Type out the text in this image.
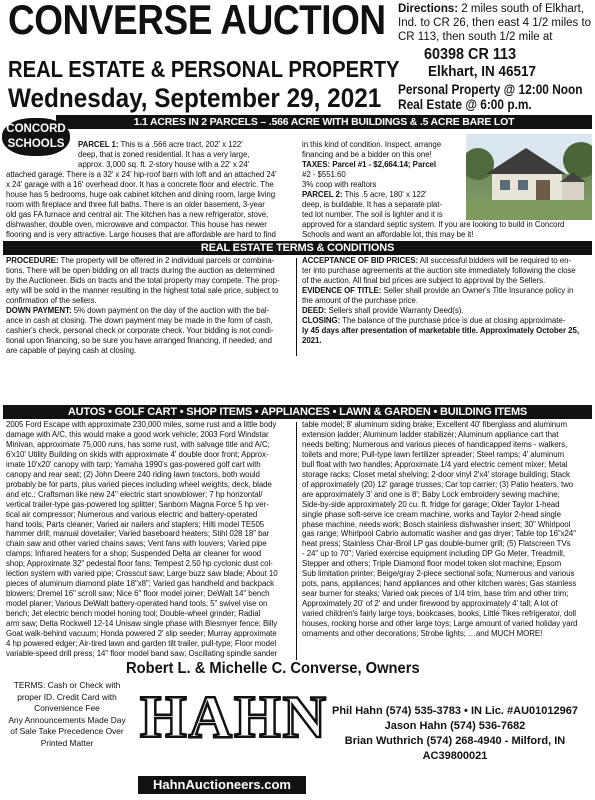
CONVERSE AUCTION
REAL ESTATE & PERSONAL PROPERTY
Wednesday, September 29, 2021
Directions: 2 miles south of Elkhart, Ind. to CR 26, then east 4 1/2 miles to CR 113, then south 1/2 mile at
60398 CR 113
Elkhart, IN 46517
Personal Property @ 12:00 Noon
Real Estate @ 6:00 p.m.
1.1 ACRES IN 2 PARCELS – .566 ACRE WITH BUILDINGS & .5 ACRE BARE LOT
CONCORD
SCHOOLS	PARCEL 1: This is a .566 acre tract, 202' x 122'
deep, that is zoned residential. It has a very large,
approx. 3,000 sq. ft. 2-story house with a 22' x 24'
attached garage. There is a 32' x 24' hip-roof barn with loft and an attached 24'
x 24' garage with a 16' overhead door. It has a concrete floor and electric. The
house has 5 bedrooms, huge oak cabinet kitchen and dining room, large living
room with fireplace and three full baths. There is an older basement, 3-year
old gas FA furnace and central air. The kitchen has a new refrigerator, stove,
dishwasher, double oven, microwave and compactor. This house has newer
flooring and is very attractive. Large houses that are affordable are hard to find
in this kind of condition. Inspect, arrange
financing and be a bidder on this one!
TAXES: Parcel #1 - $2,664.14; Parcel
#2 - $551.60
3% coop with realtors
PARCEL 2: This .5 acre, 180' x 122'
deep, is buildable. It has a separate plat-
ted lot number. The soil is lighter and it is
approved for a standard septic system. If you are looking to build in Concord
Schools and want an affordable lot, this may be it!
REAL ESTATE TERMS & CONDITIONS
PROCEDURE: The property will be offered in 2 individual parcels or combina-
tions. There will be open bidding on all tracts during the auction as determined
by the Auctioneer. Bids on tracts and the total property may compete. The prop-
erty will be sold in the manner resulting in the highest total sale price, subject to
confirmation of the sellers.
DOWN PAYMENT: 5% down payment on the day of the auction with the bal-
ance in cash at closing. The down payment may be made in the form of cash,
cashier's check, personal check or corporate check. Your bidding is not condi-
tional upon financing, so be sure you have arranged financing, if needed, and
are capable of paying cash at closing.
ACCEPTANCE OF BID PRICES: All successful bidders will be required to en-
ter into purchase agreements at the auction site immediately following the close
of the auction. All final bid prices are subject to approval by the Sellers.
EVIDENCE OF TITLE: Seller shall provide an Owner's Title Insurance policy in
the amount of the purchase price.
DEED: Sellers shall provide Warranty Deed(s).
CLOSING: The balance of the purchase price is due at closing approximate-
ly 45 days after presentation of marketable title. Approximately October 25,
2021.
AUTOS • GOLF CART • SHOP ITEMS • APPLIANCES • LAWN & GARDEN • BUILDING ITEMS
2005 Ford Escape with approximate 230,000 miles, some rust and a little body
damage with A/C, this would make a good work vehicle; 2003 Ford Windstar
Minivan, approximate 75,000 runs, has some rust, with salvage title and A/C;
6'x10' Utility Building on skids with approximate 4' double door front; Approx-
imate 10'x20' canopy with tarp; Yamaha 1990's gas-powered golf cart with
canopy and rear seat; (2) John Deere 240 riding lawn tractors, both would
probably be for parts, plus varied pieces including wheel weights, deck, blade
and etc.; Craftsman like new 24" electric start snowblower; 7 hp horizontal/
vertical trailer-type gas-powered log splitter; Sanborn Magna Force 5 hp ver-
tical air compressor; Numerous and various electric and battery-operated
hand tools; Parts cleaner; Varied air nailers and staplers; Hilti model TE505
hammer drill; manual dovetailer; Varied baseboard heaters; Stihl 028 18" bar
chain saw and other varied chains saws; Vent fans with louvers; Varied pipe
clamps; Infrared heaters for a shop; Suspended Delta air cleaner for wood
shop; Approximate 32" pedestal floor fans; Tempest 2.50 hp cyclonic dust col-
lection system with varied pipe; Crosscut saw; Large buzz saw blade; About 10
pieces of aluminum diamond plate 18"x8"; Varied gas handheld and backpack
blowers; Dremel 16" scroll saw; Nice 6" floor model joiner; DeWalt 14" bench
model planer; Various DeWalt battery-operated hand tools; 5" swivel vise on
bench; Jet electric bench model honing tool; Double-wheel grinder; Radial
arm saw; Delta Rockwell 12-14 Unisaw single phase with Biesmyer fence; Billy
Goat walk-behind vacuum; Honda powered 2' slip seeder; Murray approximate
4 hp powered edger; Air-tired lawn and garden tilt trailer, pull-type; Floor model
variable-speed drill press; 14" floor model band saw; Oscillating spindle sander
table model; 8' aluminum siding brake; Excellent 40' fiberglass and aluminum
extension ladder; Aluminum ladder stabilizer; Aluminum appliance cart that
needs belting; Numerous and various pieces of handicapped items - walkers,
toilets and more; Pull-type lawn fertilizer spreader; Steel ramps; 4' aluminum
bull float with two handles; Approximate 1/4 yard electric cement mixer; Metal
storage racks; Closet metal shelving; 2-door vinyl 2'x4' storage building; Stack
of approximately (20) 12' garage trusses; Car top carrier; (3) Patio heaters, two
are approximately 3' and one is 8'; Baby Lock embroidery sewing machine;
Side-by-side approximately 20 cu. ft. fridge for garage; Older Taylor 1-head
single phase soft-serve ice cream machine, works and Taylor 2-head single
phase machine, needs work; Bosch stainless dishwasher insert; 30" Whirlpool
gas range; Whirlpool Cabrio automatic washer and gas dryer; Table top 16"x24"
heat press; Stainless Char-Broil LP gas double-burner grill; (5) Flatscreen TVs
- 24" up to 70"; Varied exercise equipment including DP Go Meter, Treadmill,
Stepper and others; Triple Diamond floor model token slot machine; Epsom
Sub limitation printer; Beige/gray 2-piece sectional sofa; Numerous and various
pots, pans, appliances; hand appliances and other kitchen wares; Gas stainless
sear burner for steaks; Varied oak pieces of 1/4 trim, base trim and other trim;
Approximately 20' of 2' and under firewood by approximately 4' tall; A lot of
varied children's fairly large toys, bookcases, books, Little Tikes refrigerator, doll
houses, rocking horse and other large toys; Large amount of varied holiday yard
ornaments and other decorations; Strobe lights; …and MUCH MORE!
Robert L. & Michelle C. Converse, Owners
TERMS: Cash or Check with
proper ID. Credit Card with
Convenience Fee
Any Announcements Made Day
of Sale Take Precedence Over
Printed Matter HAHN
HahnAuctioneers.com
Phil Hahn (574) 535-3783 • IN Lic. #AU01012967
Jason Hahn (574) 536-7682
Brian Wuthrich (574) 268-4940 - Milford, IN
AC39800021
